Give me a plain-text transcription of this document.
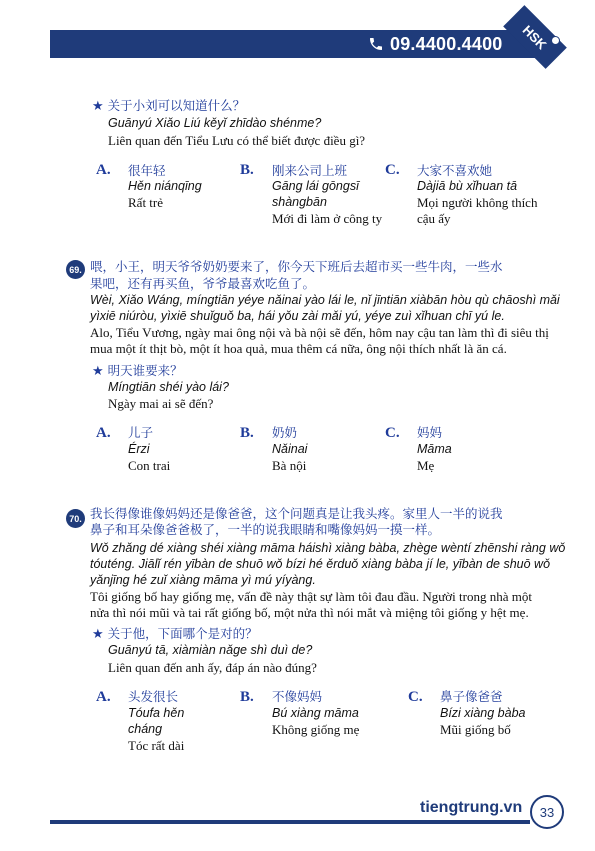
HSK
09.4400.4400
★ 关于小刘可以知道什么？
Guānyú Xiǎo Liú kěyǐ zhīdào shénme?
Liên quan đến Tiểu Lưu có thể biết được điều gì?
A. 很年轻
Hěn niánqīng
Rất trẻ
B. 刚来公司上班
Gāng lái gōngsī
shàngbān
Mới đi làm ở công ty
C. 大家不喜欢她
Dàjiā bù xǐhuan tā
Mọi người không thích
cậu ấy
69. 喂，小王，明天爷爷奶奶要来了，你今天下班后去超市买一些牛肉，一些水
果吧，还有再买鱼，爷爷最喜欢吃鱼了。
Wèi, Xiǎo Wáng, míngtiān yéye nǎinai yào lái le, nǐ jīntiān xiàbān hòu qù chāoshì mǎi
yìxiē niúròu, yìxiē shuǐguǒ ba, hái yǒu zài mǎi yú, yéye zuì xǐhuan chī yú le.
Alo, Tiểu Vương, ngày mai ông nội và bà nội sẽ đến, hôm nay cậu tan làm thì đi siêu thị
mua một ít thịt bò, một ít hoa quả, mua thêm cá nữa, ông nội thích nhất là ăn cá.
★ 明天谁要来？
Míngtiān shéi yào lái?
Ngày mai ai sẽ đến?
A. 儿子
Érzi
Con trai
B. 奶奶
Nǎinai
Bà nội
C. 妈妈
Māma
Mẹ
70. 我长得像谁像妈妈还是像爸爸，这个问题真是让我头疼。家里人一半的说我
鼻子和耳朵像爸爸极了，一半的说我眼睛和嘴像妈妈一摸一样。
Wǒ zhǎng dé xiàng shéi xiàng māma háishì xiàng bàba, zhège wèntí zhēnshi ràng wǒ
tóuténg. Jiālǐ rén yībàn de shuō wǒ bízi hé ěrduǒ xiàng bàba jí le, yībàn de shuō wǒ
yǎnjīng hé zuǐ xiàng māma yì mú yíyàng.
Tôi giống bố hay giống mẹ, vấn đề này thật sự làm tôi đau đầu. Người trong nhà một
nửa thì nói mũi và tai rất giống bố, một nửa thì nói mắt và miệng tôi giống y hệt mẹ.
★ 关于他，下面哪个是对的？
Guānyú tā, xiàmiàn nǎge shì duì de?
Liên quan đến anh ấy, đáp án nào đúng?
A. 头发很长
Tóufa hěn
cháng
Tóc rất dài
B. 不像妈妈
Bú xiàng māma
Không giống mẹ
C. 鼻子像爸爸
Bízi xiàng bàba
Mũi giống bố
tiengtrung.vn	33
